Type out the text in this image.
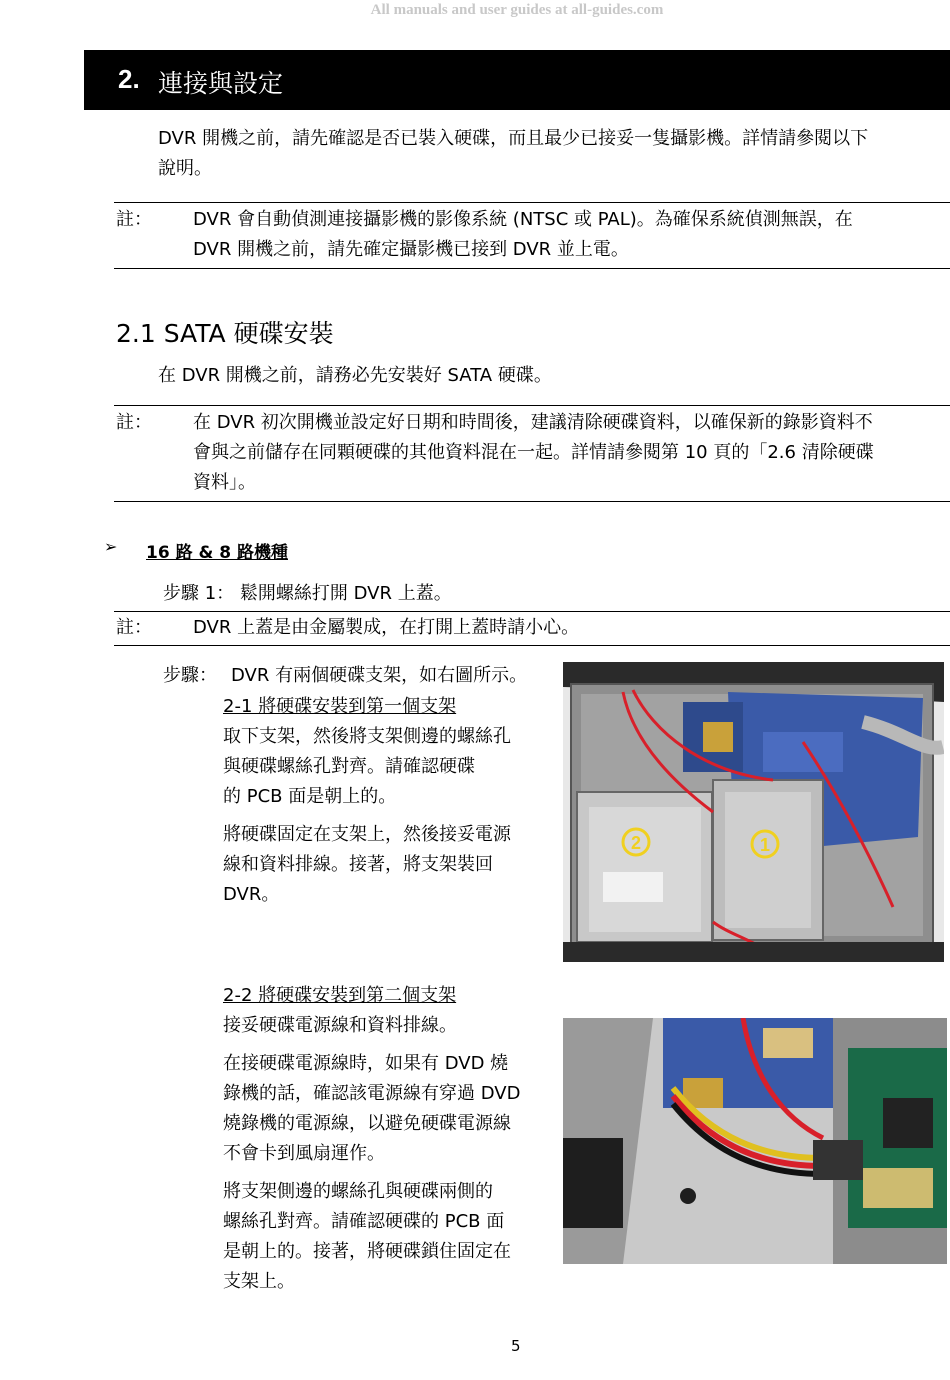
All manuals and user guides at all-guides.com
2. 連接與設定
DVR 開機之前，請先確認是否已裝入硬碟，而且最少已接妥一隻攝影機。詳情請參閱以下
說明。
註： DVR 會自動偵測連接攝影機的影像系統 (NTSC 或 PAL)。為確保系統偵測無誤，在
DVR 開機之前，請先確定攝影機已接到 DVR 並上電。
2.1 SATA 硬碟安裝
在 DVR 開機之前，請務必先安裝好 SATA 硬碟。
註： 在 DVR 初次開機並設定好日期和時間後，建議清除硬碟資料，以確保新的錄影資料不
會與之前儲存在同顆硬碟的其他資料混在一起。詳情請參閱第 10 頁的「2.6 清除硬碟
資料」。
➢ 16 路 & 8 路機種
步驟 1： 鬆開螺絲打開 DVR 上蓋。
註： DVR 上蓋是由金屬製成，在打開上蓋時請小心。
步驟： DVR 有兩個硬碟支架，如右圖所示。
2-1 將硬碟安裝到第一個支架
取下支架，然後將支架側邊的螺絲孔
與硬碟螺絲孔對齊。請確認硬碟
的 PCB 面是朝上的。
將硬碟固定在支架上，然後接妥電源
線和資料排線。接著，將支架裝回
DVR。
2-2 將硬碟安裝到第二個支架
接妥硬碟電源線和資料排線。
在接硬碟電源線時，如果有 DVD 燒
錄機的話，確認該電源線有穿過 DVD
燒錄機的電源線，以避免硬碟電源線
不會卡到風扇運作。
將支架側邊的螺絲孔與硬碟兩側的
螺絲孔對齊。請確認硬碟的 PCB 面
是朝上的。接著，將硬碟鎖住固定在
支架上。
2	1
5
